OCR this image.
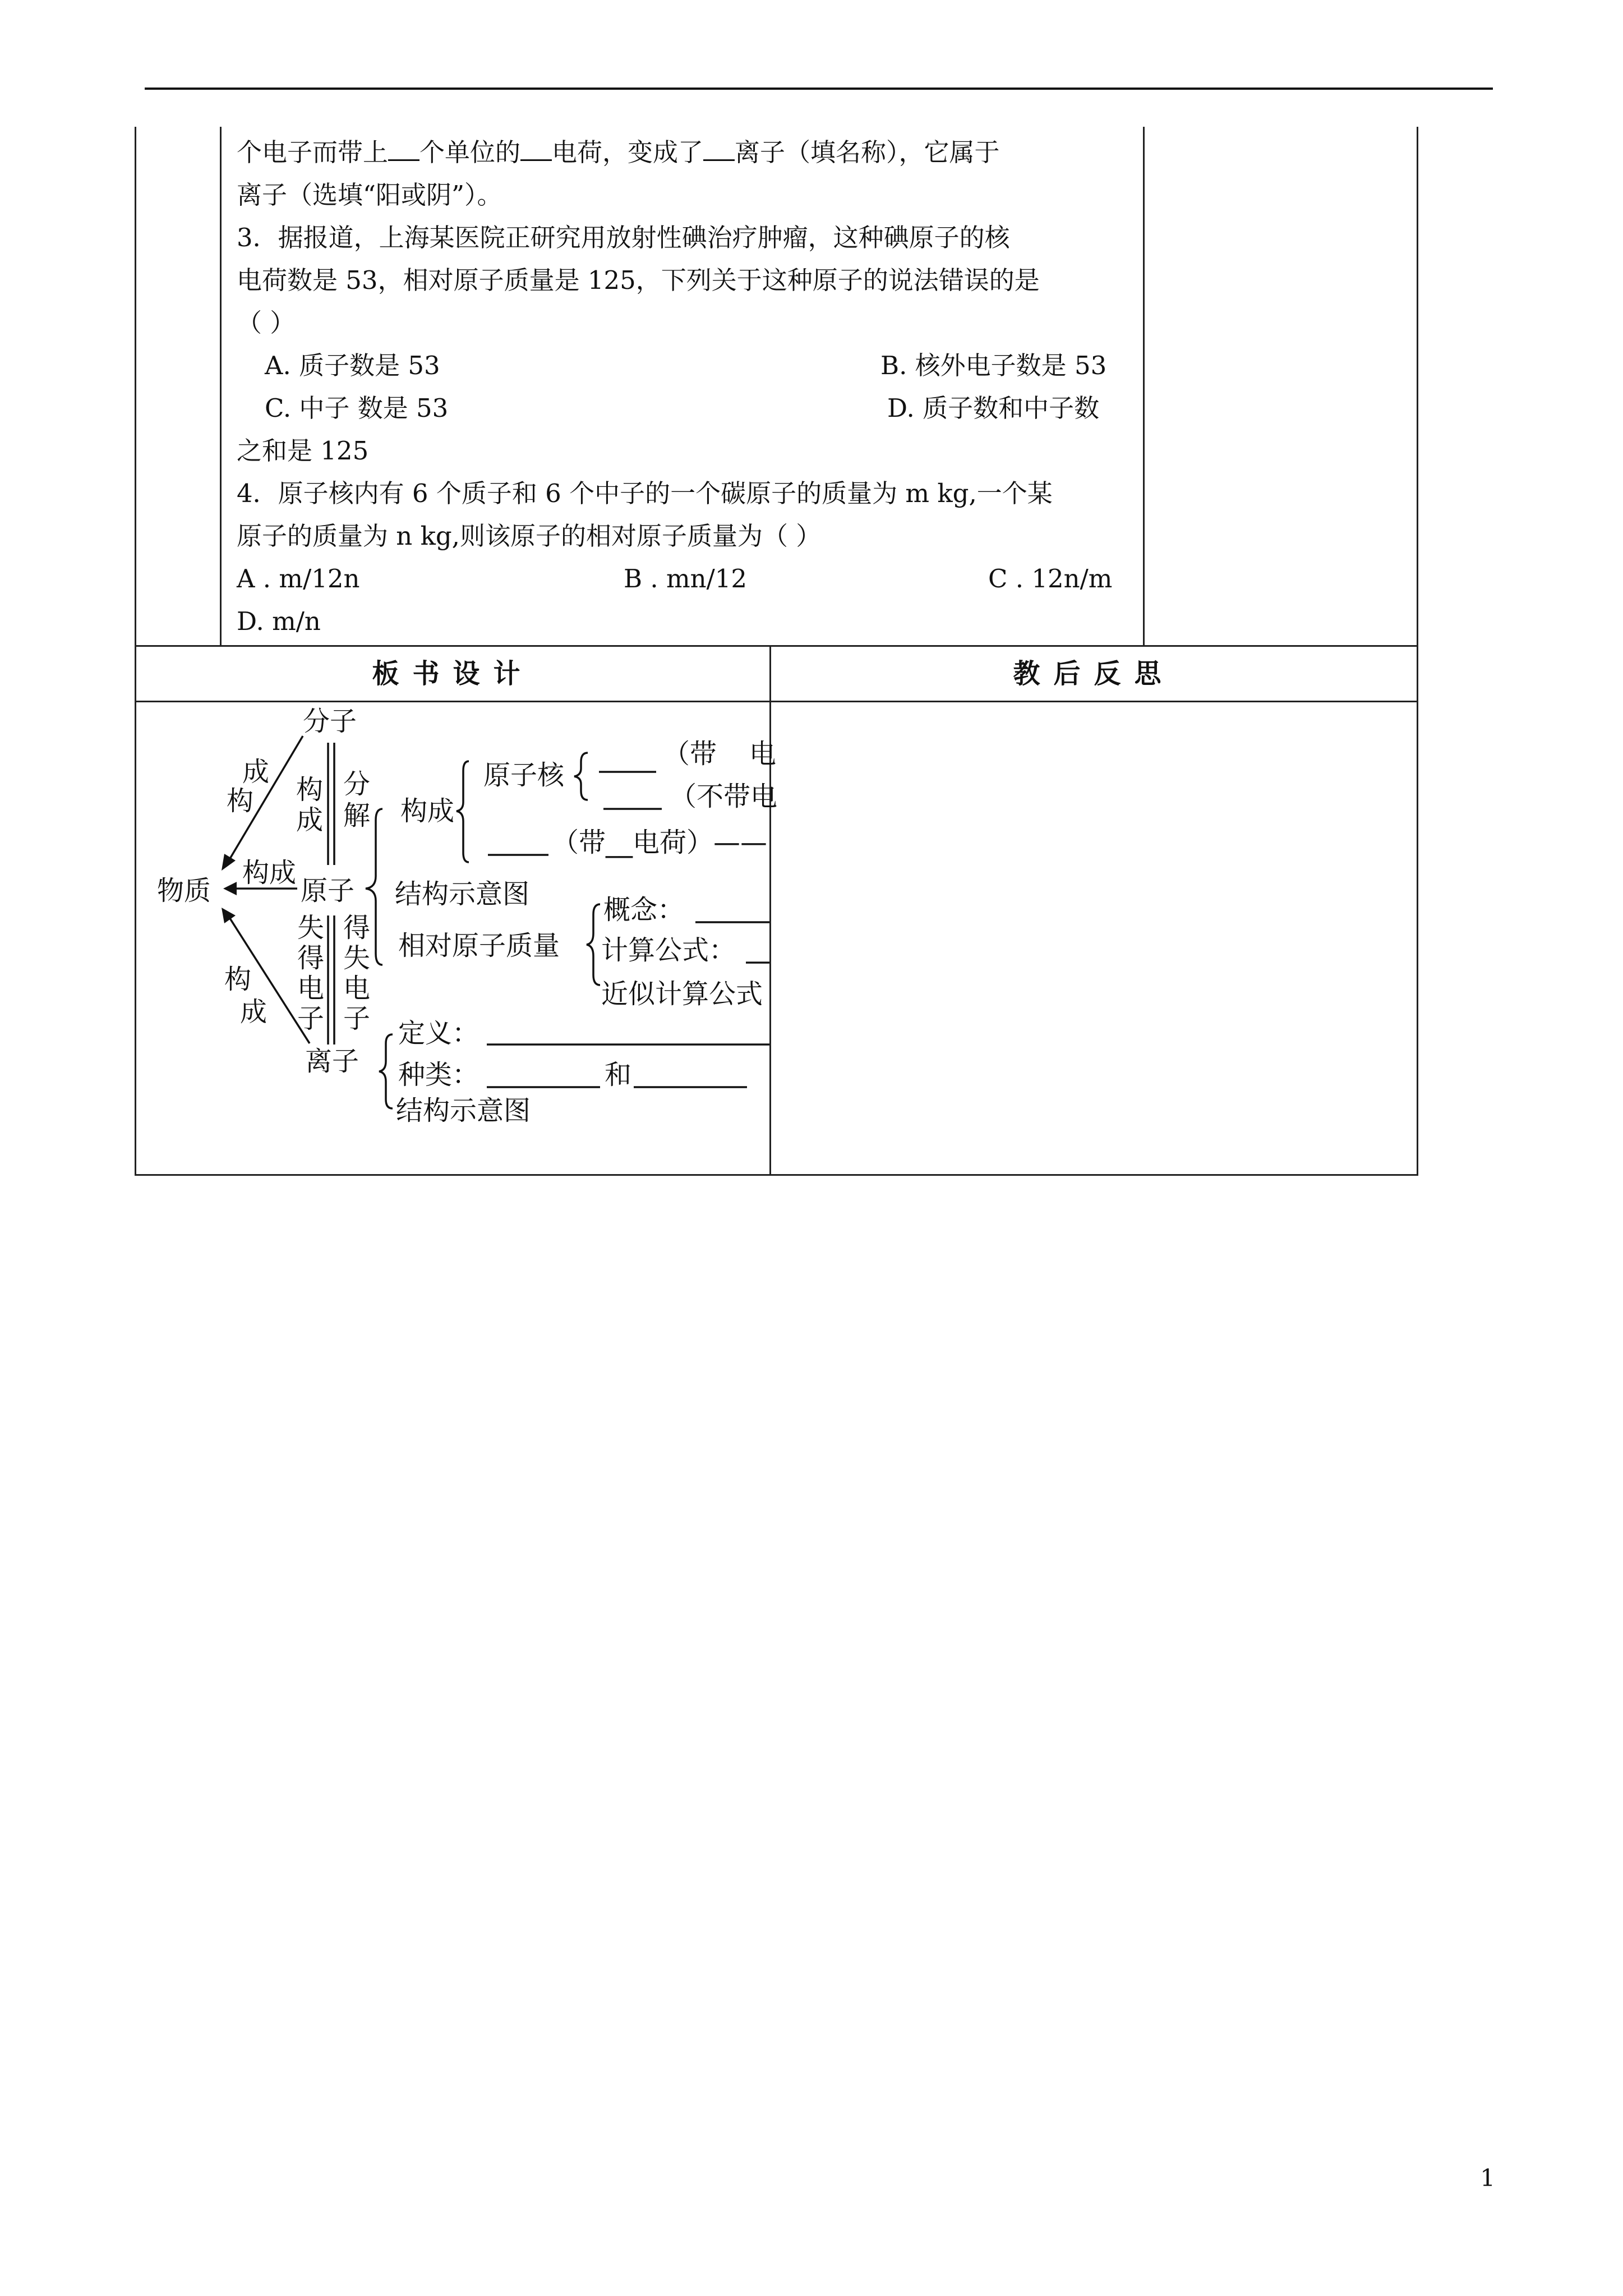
个电子而带上 个单位的 电荷，变成了 离子（填名称），它属于
离子（选填“阳或阴”）。
3．据报道，上海某医院正研究用放射性碘治疗肿瘤，这种碘原子的核
电荷数是 53，相对原子质量是 125，下列关于这种原子的说法错误的是
（ ）
A. 质子数是 53	B. 核外电子数是 53
C. 中子 数是 53	D. 质子数和中子数
之和是 125
4．原子核内有 6 个质子和 6 个中子的一个碳原子的质量为 m kg,一个某
原子的质量为 n kg,则该原子的相对原子质量为（ ）
A . m/12n	B . mn/12	C . 12n/m
D. m/n
板书设计	教后反思
分子
成
构 构
成
分
解
构成
物质	原子
失
得
电
子
得
失
电
子
构
成
离子
构成
原子核
（带 电
（不带电
（带__电荷）——
结构示意图
相对原子质量
概念：
计算公式：
近似计算公式
定义：
种类：	和
结构示意图
1
